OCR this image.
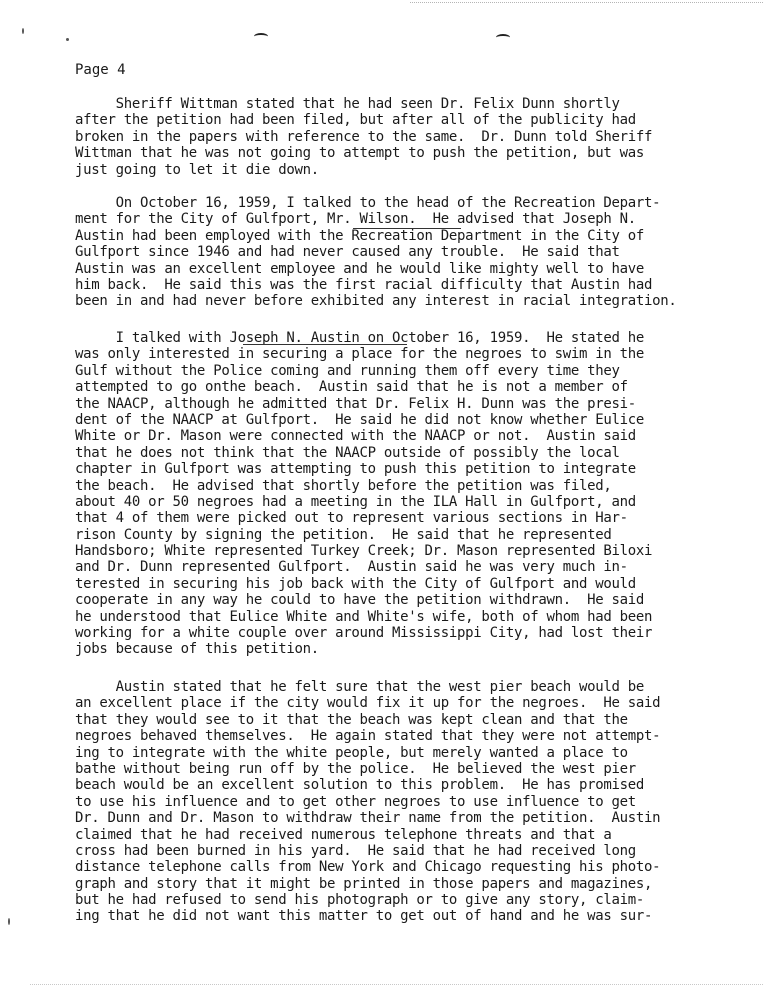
Page 4
Sheriff Wittman stated that he had seen Dr. Felix Dunn shortly
after the petition had been filed, but after all of the publicity had
broken in the papers with reference to the same.  Dr. Dunn told Sheriff
Wittman that he was not going to attempt to push the petition, but was
just going to let it die down.
On October 16, 1959, I talked to the head of the Recreation Depart-
ment for the City of Gulfport, Mr. Wilson.  He advised that Joseph N.
Austin had been employed with the Recreation Department in the City of
Gulfport since 1946 and had never caused any trouble.  He said that
Austin was an excellent employee and he would like mighty well to have
him back.  He said this was the first racial difficulty that Austin had
been in and had never before exhibited any interest in racial integration.
I talked with Joseph N. Austin on October 16, 1959.  He stated he
was only interested in securing a place for the negroes to swim in the
Gulf without the Police coming and running them off every time they
attempted to go onthe beach.  Austin said that he is not a member of
the NAACP, although he admitted that Dr. Felix H. Dunn was the presi-
dent of the NAACP at Gulfport.  He said he did not know whether Eulice
White or Dr. Mason were connected with the NAACP or not.  Austin said
that he does not think that the NAACP outside of possibly the local
chapter in Gulfport was attempting to push this petition to integrate
the beach.  He advised that shortly before the petition was filed,
about 40 or 50 negroes had a meeting in the ILA Hall in Gulfport, and
that 4 of them were picked out to represent various sections in Har-
rison County by signing the petition.  He said that he represented
Handsboro; White represented Turkey Creek; Dr. Mason represented Biloxi
and Dr. Dunn represented Gulfport.  Austin said he was very much in-
terested in securing his job back with the City of Gulfport and would
cooperate in any way he could to have the petition withdrawn.  He said
he understood that Eulice White and White's wife, both of whom had been
working for a white couple over around Mississippi City, had lost their
jobs because of this petition.
Austin stated that he felt sure that the west pier beach would be
an excellent place if the city would fix it up for the negroes.  He said
that they would see to it that the beach was kept clean and that the
negroes behaved themselves.  He again stated that they were not attempt-
ing to integrate with the white people, but merely wanted a place to
bathe without being run off by the police.  He believed the west pier
beach would be an excellent solution to this problem.  He has promised
to use his influence and to get other negroes to use influence to get
Dr. Dunn and Dr. Mason to withdraw their name from the petition.  Austin
claimed that he had received numerous telephone threats and that a
cross had been burned in his yard.  He said that he had received long
distance telephone calls from New York and Chicago requesting his photo-
graph and story that it might be printed in those papers and magazines,
but he had refused to send his photograph or to give any story, claim-
ing that he did not want this matter to get out of hand and he was sur-
